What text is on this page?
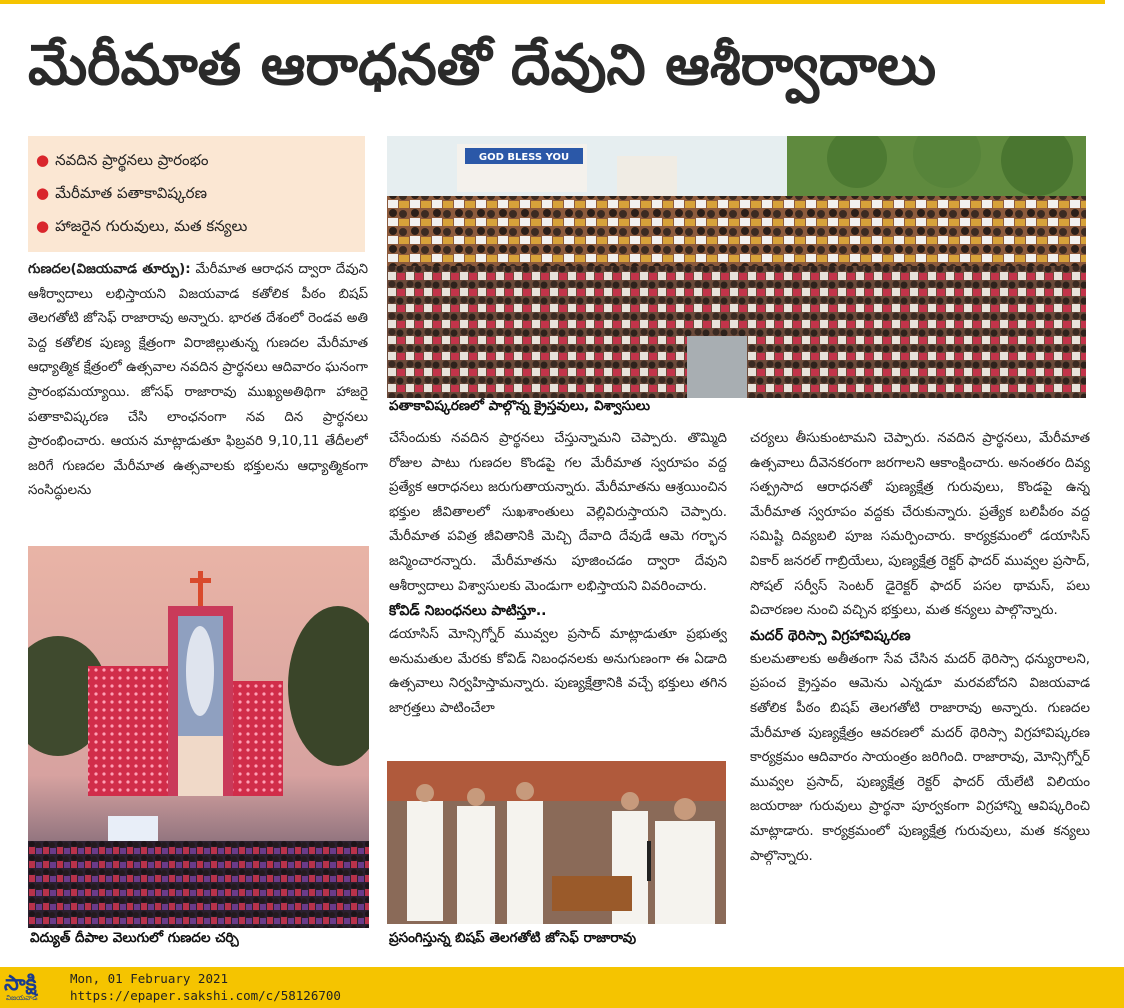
మేరీమాత ఆరాధనతో దేవుని ఆశీర్వాదాలు
● నవదిన ప్రార్థనలు ప్రారంభం
● మేరీమాత పతాకావిష్కరణ
● హాజరైన గురువులు, మత కన్యలు

గుణదల(విజయవాడ తూర్పు): మేరీమాత ఆరాధన ద్వారా దేవుని ఆశీర్వాదాలు లభిస్తాయని విజయవాడ కతోలిక పీఠం బిషప్ తెలగతోటి జోసెఫ్ రాజారావు అన్నారు. భారత దేశంలో రెండవ అతి పెద్ద కతోలిక పుణ్య క్షేత్రంగా విరాజిల్లుతున్న గుణదల మేరీమాత ఆధ్యాత్మిక క్షేత్రంలో ఉత్సవాల నవదిన ప్రార్థనలు ఆదివారం ఘనంగా ప్రారంభమయ్యాయి. జోసఫ్ రాజారావు ముఖ్యఅతిథిగా హాజరై పతాకావిష్కరణ చేసి లాంఛనంగా నవ దిన ప్రార్థనలు ప్రారంభించారు. ఆయన మాట్లాడుతూ ఫిబ్రవరి 9,10,11 తేదీలలో జరిగే గుణదల మేరీమాత ఉత్సవాలకు భక్తులను ఆధ్యాత్మికంగా సంసిద్ధులను

GOD BLESS YOU
పతాకావిష్కరణలో పాల్గొన్న క్రైస్తవులు, విశ్వాసులు

చేసేందుకు నవదిన ప్రార్థనలు చేస్తున్నామని చెప్పారు. తొమ్మిది రోజుల పాటు గుణదల కొండపై గల మేరీమాత స్వరూపం వద్ద ప్రత్యేక ఆరాధనలు జరుగుతాయన్నారు. మేరీమాతను ఆశ్రయించిన భక్తుల జీవితాలలో సుఖశాంతులు వెల్లివిరుస్తాయని చెప్పారు. మేరీమాత పవిత్ర జీవితానికి మెచ్చి దేవాది దేవుడే ఆమె గర్భాన జన్మించారన్నారు. మేరీమాతను పూజించడం ద్వారా దేవుని ఆశీర్వాదాలు విశ్వాసులకు మెండుగా లభిస్తాయని వివరించారు.

కోవిడ్ నిబంధనలు పాటిస్తూ..

డయాసిస్ మోన్సిగ్నోర్ మువ్వల ప్రసాద్ మాట్లాడుతూ ప్రభుత్వ అనుమతుల మేరకు కోవిడ్ నిబంధనలకు అనుగుణంగా ఈ ఏడాది ఉత్సవాలు నిర్వహిస్తామన్నారు. పుణ్యక్షేత్రానికి వచ్చే భక్తులు తగిన జాగ్రత్తలు పాటించేలా

చర్యలు తీసుకుంటామని చెప్పారు. నవదిన ప్రార్థనలు, మేరీమాత ఉత్సవాలు దీవెనకరంగా జరగాలని ఆకాంక్షించారు. అనంతరం దివ్య సత్ప్రసాద ఆరాధనతో పుణ్యక్షేత్ర గురువులు, కొండపై ఉన్న మేరీమాత స్వరూపం వద్దకు చేరుకున్నారు. ప్రత్యేక బలిపీఠం వద్ద సమిష్టి దివ్యబలి పూజ సమర్పించారు. కార్యక్రమంలో డయాసిస్ వికార్ జనరల్ గాబ్రియేలు, పుణ్యక్షేత్ర రెక్టర్ ఫాదర్ మువ్వల ప్రసాద్, సోషల్ సర్వీస్ సెంటర్ డైరెక్టర్ ఫాదర్ పసల థామస్, పలు విచారణల నుంచి వచ్చిన భక్తులు, మత కన్యలు పాల్గొన్నారు.

మదర్ థెరిస్సా విగ్రహావిష్కరణ

కులమతాలకు అతీతంగా సేవ చేసిన మదర్ థెరిస్సా ధన్యురాలని, ప్రపంచ క్రైస్తవం ఆమెను ఎన్నడూ మరవబోదని విజయవాడ కతోలిక పీఠం బిషప్ తెలగతోటి రాజారావు అన్నారు. గుణదల మేరీమాత పుణ్యక్షేత్రం ఆవరణలో మదర్ థెరిస్సా విగ్రహావిష్కరణ కార్యక్రమం ఆదివారం సాయంత్రం జరిగింది. రాజారావు, మోన్సిగ్నోర్ మువ్వల ప్రసాద్, పుణ్యక్షేత్ర రెక్టర్ ఫాదర్ యేలేటి విలియం జయరాజు గురువులు ప్రార్థనా పూర్వకంగా విగ్రహాన్ని ఆవిష్కరించి మాట్లాడారు. కార్యక్రమంలో పుణ్యక్షేత్ర గురువులు, మత కన్యలు పాల్గొన్నారు.

విద్యుత్ దీపాల వెలుగులో గుణదల చర్చి	ప్రసంగిస్తున్న బిషప్ తెలగతోటి జోసెఫ్ రాజారావు
సాక్షి
విజయవాడ
Mon, 01 February 2021
https://epaper.sakshi.com/c/58126700
